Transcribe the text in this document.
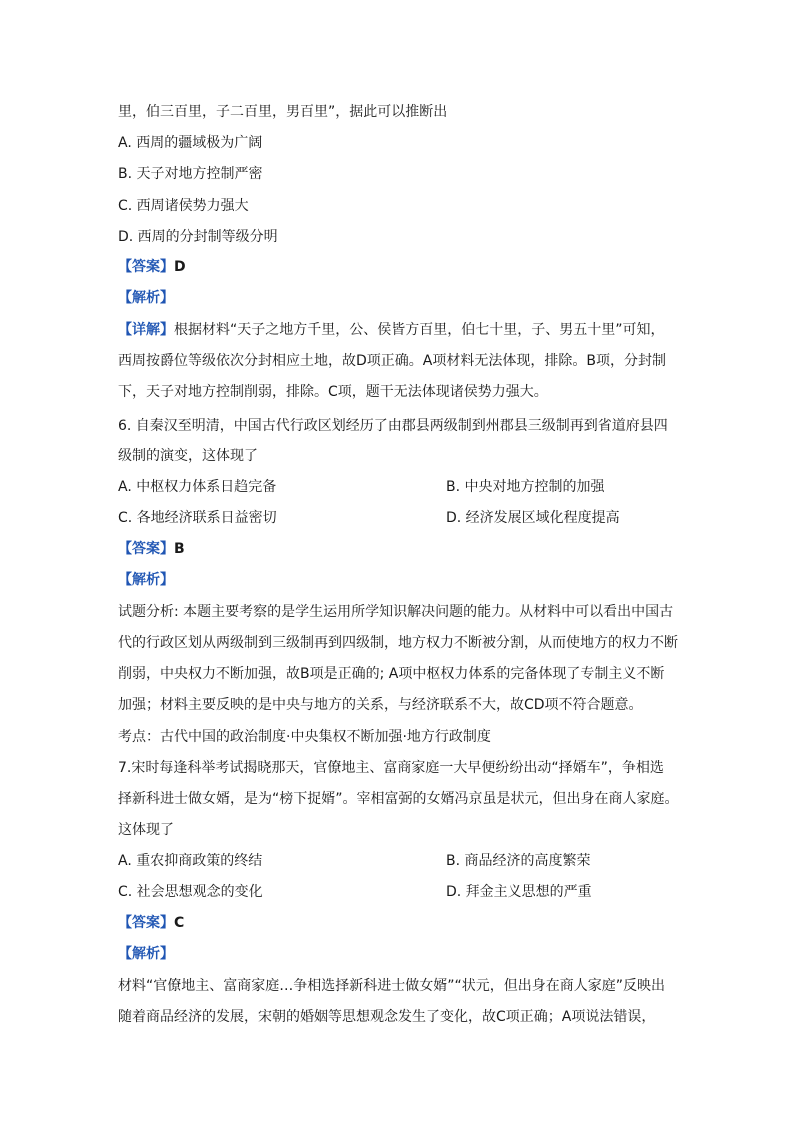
里，伯三百里，子二百里，男百里”，据此可以推断出
A. 西周的疆域极为广阔
B. 天子对地方控制严密
C. 西周诸侯势力强大
D. 西周的分封制等级分明
【答案】D
【解析】
【详解】根据材料“天子之地方千里，公、侯皆方百里，伯七十里，子、男五十里”可知，
西周按爵位等级依次分封相应土地，故D项正确。A项材料无法体现，排除。B项，分封制
下，天子对地方控制削弱，排除。C项，题干无法体现诸侯势力强大。
6. 自秦汉至明清，中国古代行政区划经历了由郡县两级制到州郡县三级制再到省道府县四
级制的演变，这体现了
A. 中枢权力体系日趋完备	B. 中央对地方控制的加强
C. 各地经济联系日益密切	D. 经济发展区域化程度提高
【答案】B
【解析】
试题分析: 本题主要考察的是学生运用所学知识解决问题的能力。从材料中可以看出中国古
代的行政区划从两级制到三级制再到四级制，地方权力不断被分割，从而使地方的权力不断
削弱，中央权力不断加强，故B项是正确的; A项中枢权力体系的完备体现了专制主义不断
加强；材料主要反映的是中央与地方的关系，与经济联系不大，故CD项不符合题意。
考点：古代中国的政治制度·中央集权不断加强·地方行政制度
7.宋时每逢科举考试揭晓那天，官僚地主、富商家庭一大早便纷纷出动“择婿车”，争相选
择新科进士做女婿，是为“榜下捉婿”。宰相富弼的女婿冯京虽是状元，但出身在商人家庭。
这体现了
A. 重农抑商政策的终结	B. 商品经济的高度繁荣
C. 社会思想观念的变化	D. 拜金主义思想的严重
【答案】C
【解析】
材料“官僚地主、富商家庭…争相选择新科进士做女婿”“状元，但出身在商人家庭”反映出
随着商品经济的发展，宋朝的婚姻等思想观念发生了变化，故C项正确；A项说法错误，
